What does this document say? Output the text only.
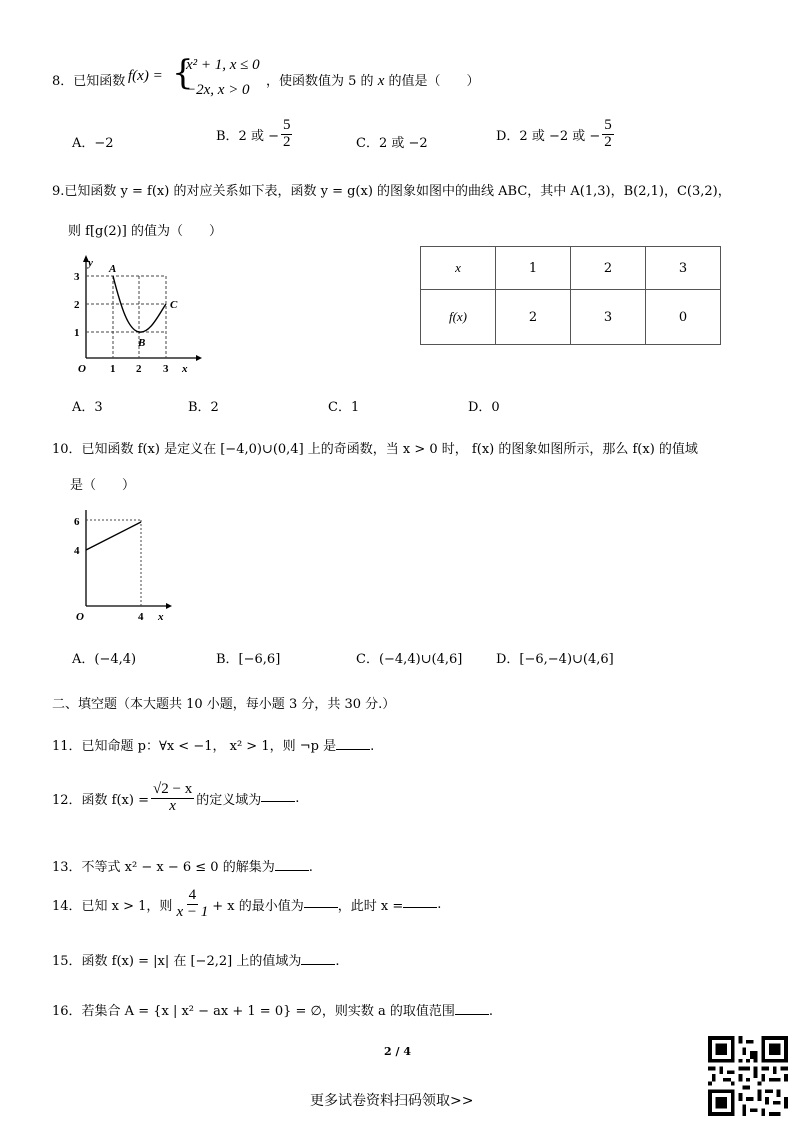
8．已知函数 f(x) = {
x² + 1, x ≤ 0
−2x, x > 0
，使函数值为 5 的 x 的值是（　　）
A．−2	B．2 或 − $\frac{5}{2}$	C．2 或 −2	D．2 或 −2 或 − $\frac{5}{2}$
9.已知函数 y = f(x) 的对应关系如下表，函数 y = g(x) 的图象如图中的曲线 ABC，其中 A(1,3)，B(2,1)，C(3,2)，
则 f[g(2)] 的值为（　　）
3
2
1
y A
C
B
O 1 2 3 x
x	1	2	3
f(x)	2	3	0
A．3	B．2	C．1	D．0
10．已知函数 f(x) 是定义在 [−4,0)∪(0,4] 上的奇函数，当 x > 0 时， f(x) 的图象如图所示，那么 f(x) 的值域
是（　　）
6
4
O	4 x
A．(−4,4)	B．[−6,6]	C．(−4,4)∪(4,6]	D．[−6,−4)∪(4,6]
二、填空题（本大题共 10 小题，每小题 3 分，共 30 分.）
11．已知命题 p：∀x < −1， x² > 1，则 ¬p 是	.
12．函数 $f(x) = \frac{√2 - x}{x}$ 的定义域为	.
13．不等式 x² − x − 6 ≤ 0 的解集为	.
14．已知 x > 1，则 $\frac{4}{x - 1} + x$ 的最小值为	，此时 x =	.
15．函数 f(x) = |x| 在 [−2,2] 上的值域为	.
16．若集合 A = {x | x² − ax + 1 = 0} = ∅，则实数 a 的取值范围	.
2 / 4
更多试卷资料扫码领取>>
